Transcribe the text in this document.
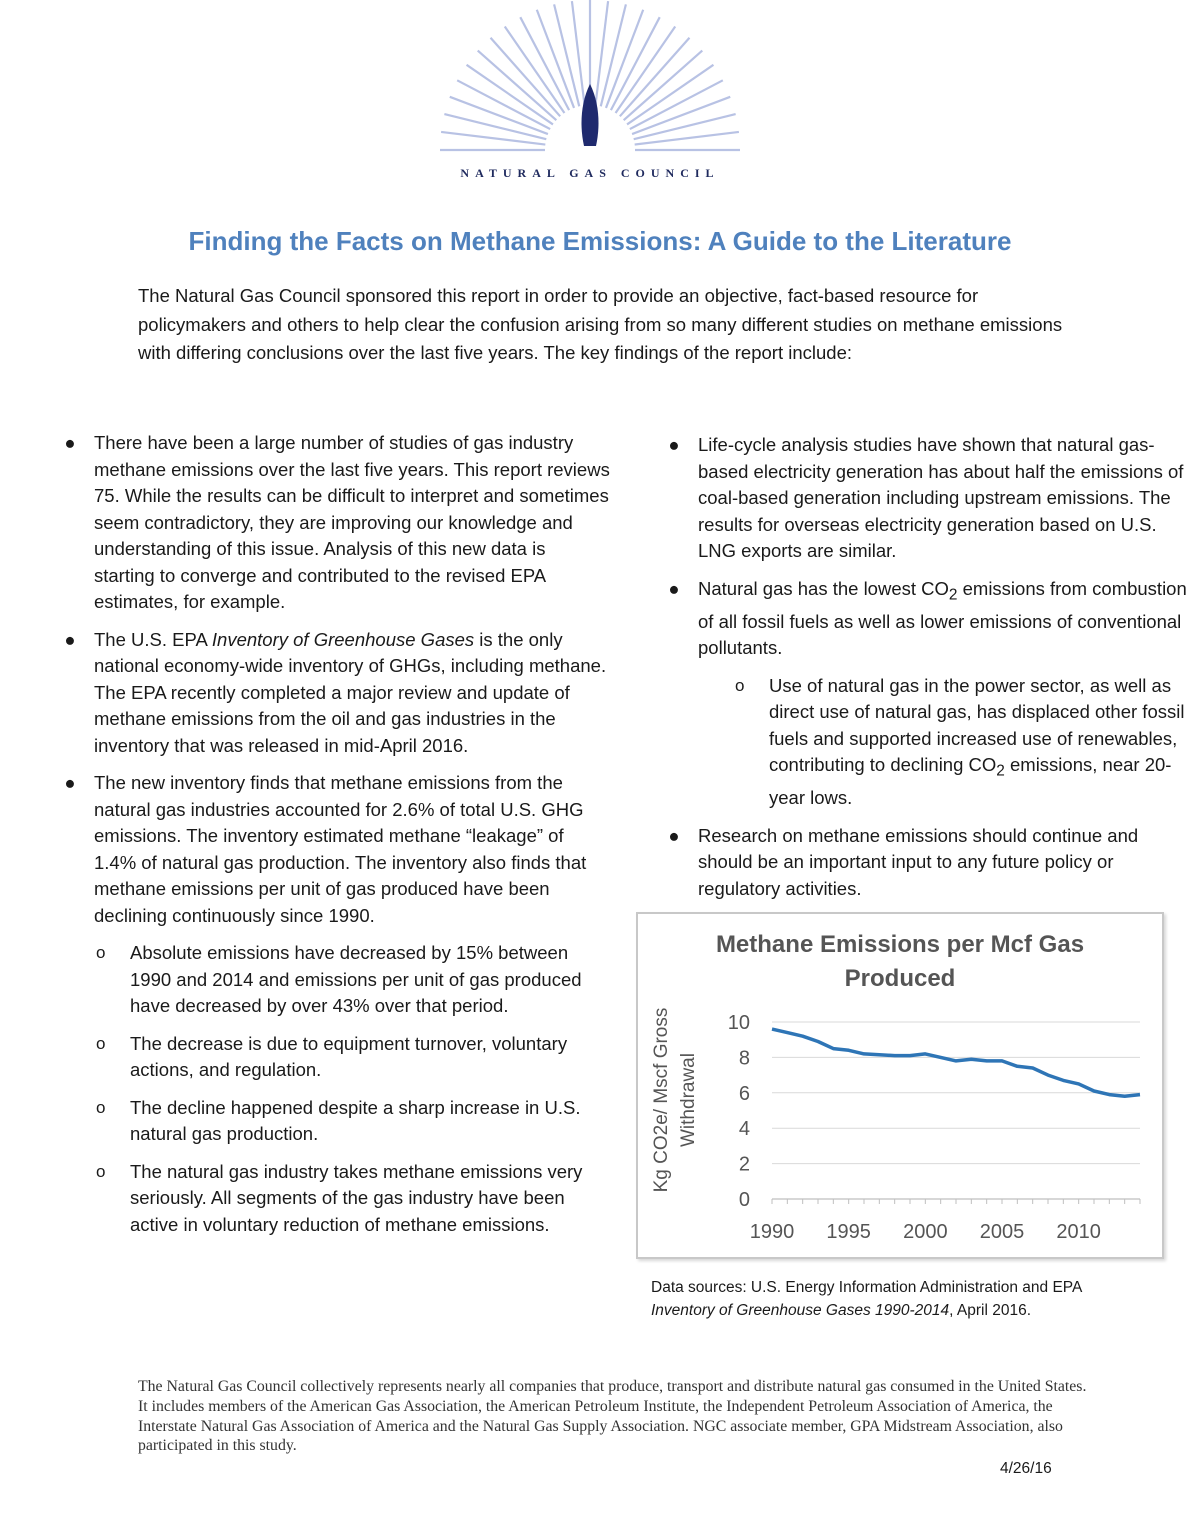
NATURAL GAS COUNCIL
Finding the Facts on Methane Emissions: A Guide to the Literature
The Natural Gas Council sponsored this report in order to provide an objective, fact-based resource for policymakers and others to help clear the confusion arising from so many different studies on methane emissions with differing conclusions over the last five years. The key findings of the report include:
● There have been a large number of studies of gas industry methane emissions over the last five years. This report reviews 75. While the results can be difficult to interpret and sometimes seem contradictory, they are improving our knowledge and understanding of this issue. Analysis of this new data is starting to converge and contributed to the revised EPA estimates, for example.
● The U.S. EPA Inventory of Greenhouse Gases is the only national economy-wide inventory of GHGs, including methane. The EPA recently completed a major review and update of methane emissions from the oil and gas industries in the inventory that was released in mid-April 2016.
● The new inventory finds that methane emissions from the natural gas industries accounted for 2.6% of total U.S. GHG emissions. The inventory estimated methane “leakage” of 1.4% of natural gas production. The inventory also finds that methane emissions per unit of gas produced have been declining continuously since 1990.
o Absolute emissions have decreased by 15% between 1990 and 2014 and emissions per unit of gas produced have decreased by over 43% over that period.
o The decrease is due to equipment turnover, voluntary actions, and regulation.
o The decline happened despite a sharp increase in U.S. natural gas production.
o The natural gas industry takes methane emissions very seriously. All segments of the gas industry have been active in voluntary reduction of methane emissions.
● Life-cycle analysis studies have shown that natural gas-based electricity generation has about half the emissions of coal-based generation including upstream emissions. The results for overseas electricity generation based on U.S. LNG exports are similar.
● Natural gas has the lowest $CO_2$ emissions from combustion of all fossil fuels as well as lower emissions of conventional pollutants.
o Use of natural gas in the power sector, as well as direct use of natural gas, has displaced other fossil fuels and supported increased use of renewables, contributing to declining $CO_2$ emissions, near 20-year lows.
● Research on methane emissions should continue and should be an important input to any future policy or regulatory activities.
0
2
4
6
8
10
1990 1995 2000 2005 2010
Methane Emissions per Mcf Gas Produced
Kg CO2e/ Mscf Gross Withdrawal
Data sources: U.S. Energy Information Administration and EPA
Inventory of Greenhouse Gases 1990-2014, April 2016.
The Natural Gas Council collectively represents nearly all companies that produce, transport and distribute natural gas consumed in the United States. It includes members of the American Gas Association, the American Petroleum Institute, the Independent Petroleum Association of America, the Interstate Natural Gas Association of America and the Natural Gas Supply Association. NGC associate member, GPA Midstream Association, also participated in this study.
4/26/16
